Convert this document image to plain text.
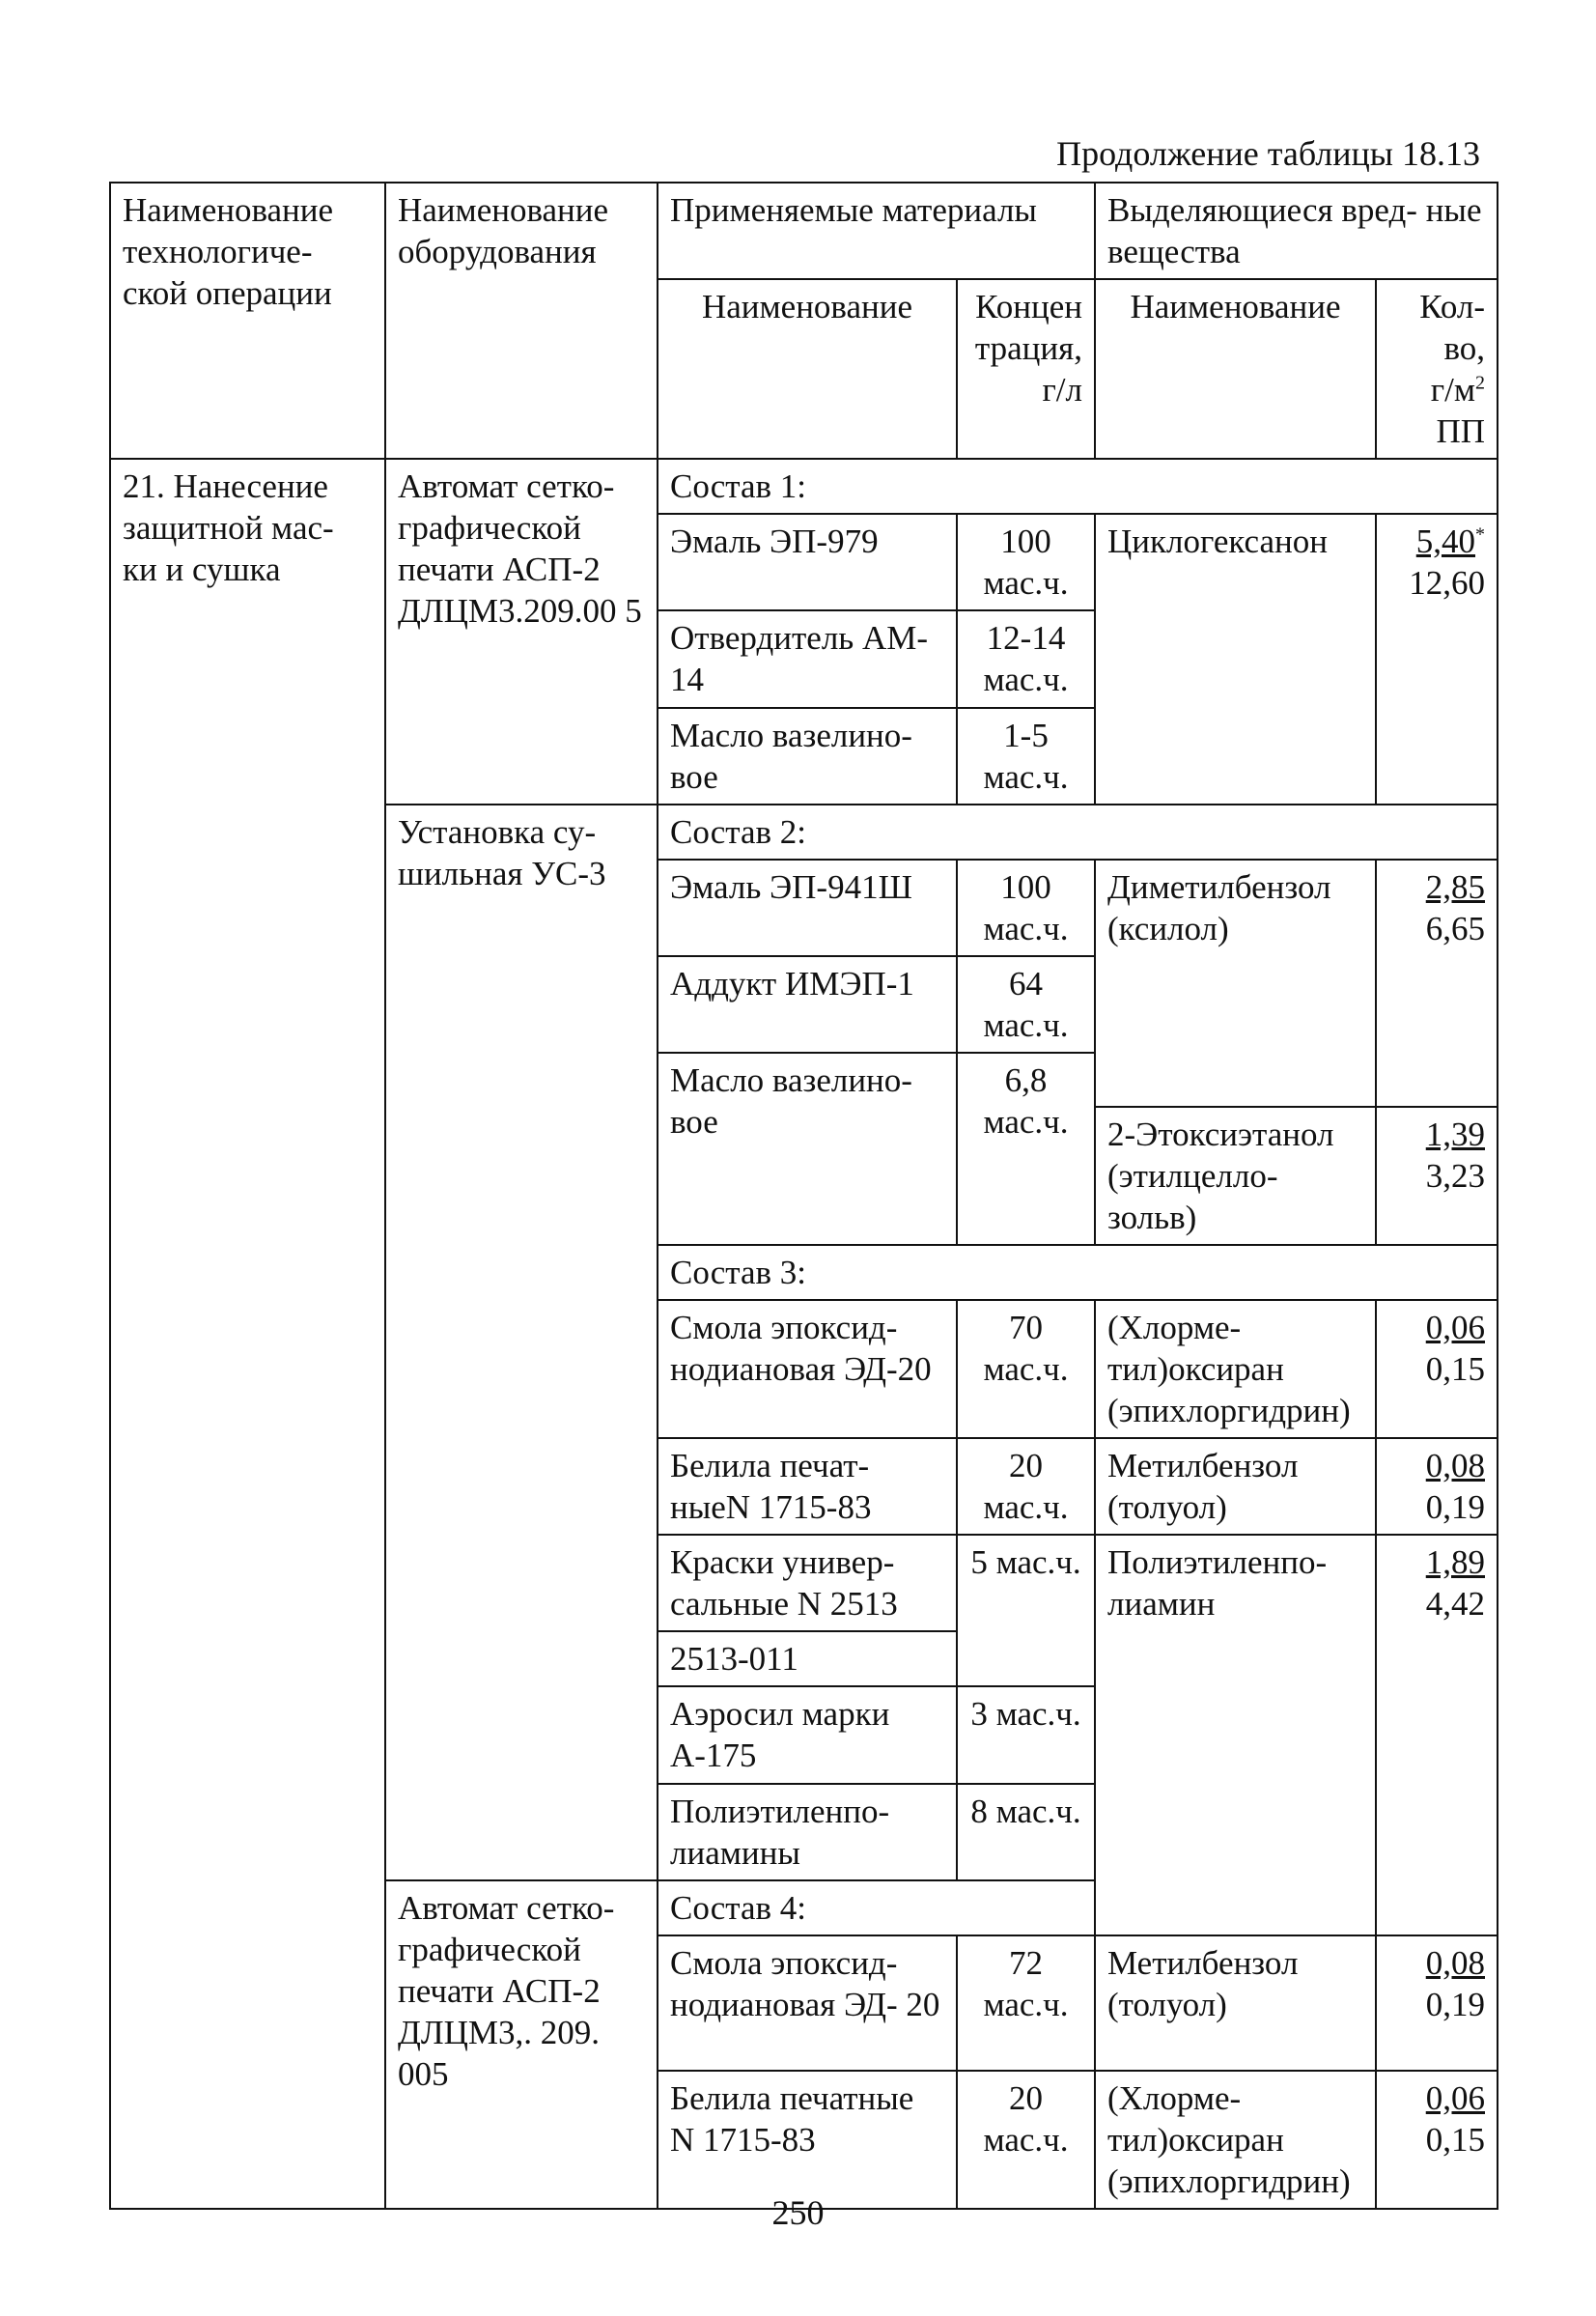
Продолжение таблицы 18.13
Наименование технологиче- ской операции	Наименование оборудования	Применяемые материалы		Выделяющиеся вред- ные вещества	
		Наименование	Концен трация, г/л	Наименование	Кол-во,
$г/м^2$
ПП
21. Нанесение защитной мас- ки и сушка	Автомат сетко- графической печати АСП-2 ДЛЦМ3.209.00 5	Состав 1:			
		Эмаль ЭП-979	100 мас.ч.	Циклогексанон	5,40*
12,60
		Отвердитель АМ- 14	12-14 мас.ч.		
		Масло вазелино- вое	1-5 мас.ч.		
	Установка су- шильная УС-3	Состав 2:			
		Эмаль ЭП-941Ш	100 мас.ч.	Диметилбензол (ксилол)	2,85
6,65
		Аддукт ИМЭП-1	64 мас.ч.		
		Масло вазелино- вое	6,8 мас.ч.		
				2-Этоксиэтанол (этилцелло- зольв)	1,39
3,23
		Состав 3:			
		Смола эпоксид- нодиановая ЭД-20	70 мас.ч.	(Хлорме- тил)оксиран (эпихлоргидрин)	0,06
0,15
		Белила печат- ныеN 1715-83	20 мас.ч.	Метилбензол (толуол)	0,08
0,19
		Краски универ- сальные N 2513	5 мас.ч.	Полиэтиленпо- лиамин	1,89
4,42
		2513-011			
		Аэросил марки А-175	3 мас.ч.		
		Полиэтиленпо- лиамины	8 мас.ч.		
	Автомат сетко- графической печати АСП-2 ДЛЦМ3,. 209. 005	Состав 4:			
		Смола эпоксид- нодиановая ЭД- 20	72 мас.ч.	Метилбензол (толуол)	0,08
0,19
		Белила печатные N 1715-83	20 мас.ч.	(Хлорме- тил)оксиран (эпихлоргидрин)	0,06
0,15
250
